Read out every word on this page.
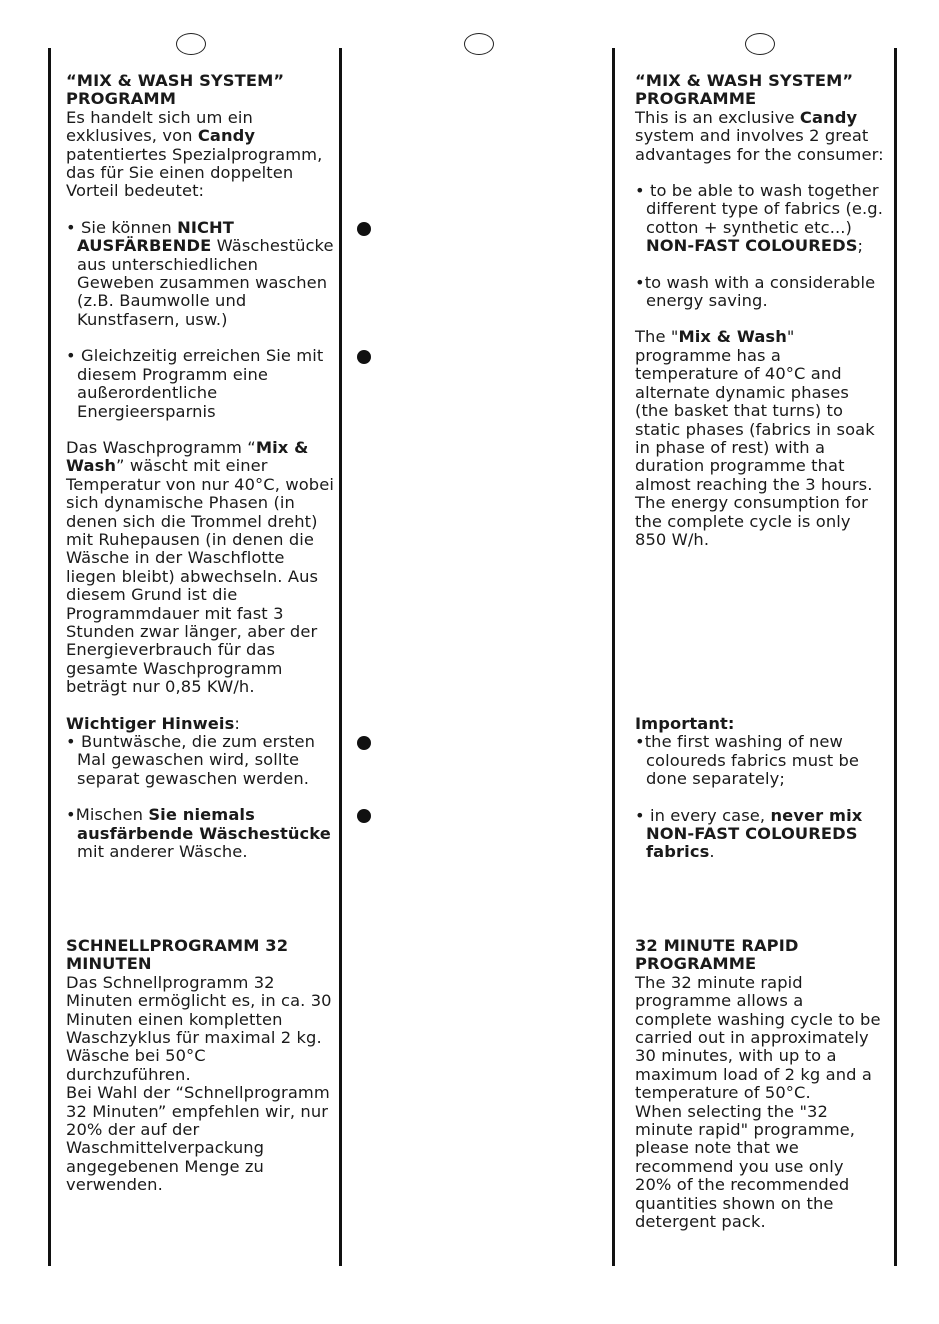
“MIX & WASH SYSTEM”
PROGRAMM

Es handelt sich um ein exklusives, von Candy patentiertes Spezialprogramm, das für Sie einen doppelten Vorteil bedeutet:

• Sie können NICHT AUSFÄRBENDE Wäschestücke aus unterschiedlichen Geweben zusammen waschen (z.B. Baumwolle und Kunstfasern, usw.)

• Gleichzeitig erreichen Sie mit diesem Programm eine außerordentliche Energieersparnis

Das Waschprogramm “Mix & Wash” wäscht mit einer Temperatur von nur 40°C, wobei sich dynamische Phasen (in denen sich die Trommel dreht) mit Ruhepausen (in denen die Wäsche in der Waschflotte liegen bleibt) abwechseln. Aus diesem Grund ist die Programmdauer mit fast 3 Stunden zwar länger, aber der Energieverbrauch für das gesamte Waschprogramm beträgt nur 0,85 KW/h.

Wichtiger Hinweis:

• Buntwäsche, die zum ersten Mal gewaschen wird, sollte separat gewaschen werden.

•Mischen Sie niemals ausfärbende Wäschestücke mit anderer Wäsche.

SCHNELLPROGRAMM 32
MINUTEN

Das Schnellprogramm 32 Minuten ermöglicht es, in ca. 30 Minuten einen kompletten Waschzyklus für maximal 2 kg. Wäsche bei 50°C durchzuführen.

Bei Wahl der “Schnellprogramm 32 Minuten” empfehlen wir, nur 20% der auf der Waschmittelverpackung angegebenen Menge zu verwenden.

“MIX & WASH SYSTEM”
PROGRAMME

This is an exclusive Candy system and involves 2 great advantages for the consumer:

• to be able to wash together different type of fabrics (e.g. cotton + synthetic etc...) NON-FAST COLOUREDS;

•to wash with a considerable energy saving.

The "Mix & Wash" programme has a temperature of 40°C and alternate dynamic phases (the basket that turns) to static phases (fabrics in soak in phase of rest) with a duration programme that almost reaching the 3 hours. The energy consumption for the complete cycle is only 850 W/h.

Important:

•the first washing of new coloureds fabrics must be done separately;

• in every case, never mix NON-FAST COLOUREDS fabrics.

32 MINUTE RAPID
PROGRAMME

The 32 minute rapid programme allows a complete washing cycle to be carried out in approximately 30 minutes, with up to a maximum load of 2 kg and a temperature of 50°C.

When selecting the "32 minute rapid" programme, please note that we recommend you use only 20% of the recommended quantities shown on the detergent pack.
